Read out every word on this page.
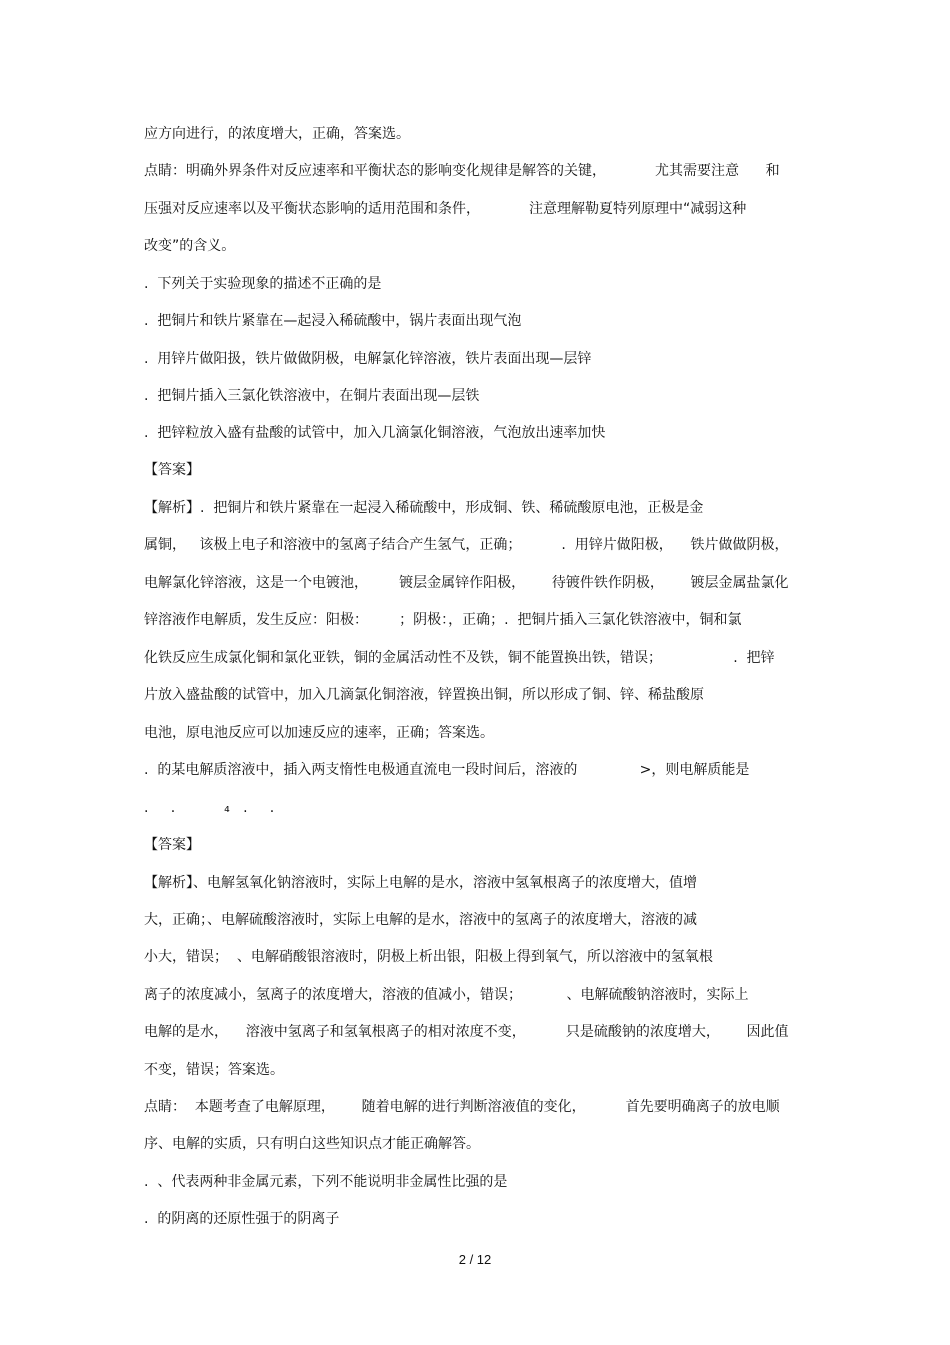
应方向进行，的浓度增大，正确，答案选。

点睛：明确外界条件对反应速率和平衡状态的影响变化规律是解答的关键，           尤其需要注意      和

压强对反应速率以及平衡状态影响的适用范围和条件，           注意理解勒夏特列原理中“减弱这种

改变”的含义。

.  下列关于实验现象的描述不正确的是

.  把铜片和铁片紧靠在—起浸入稀硫酸中，锅片表面出现气泡

.  用锌片做阳扱，铁片做做阴极，电解氯化锌溶液，铁片表面出现—层锌

.  把铜片插入三氯化铁溶液中，在铜片表面出现—层铁

.  把锌粒放入盛有盐酸的试管中，加入几滴氯化铜溶液，气泡放出速率加快

【答案】

【解析】.  把铜片和铁片紧靠在一起浸入稀硫酸中，形成铜、铁、稀硫酸原电池，正极是金

属铜，   该极上电子和溶液中的氢离子结合产生氢气，正确；         .  用锌片做阳极，    铁片做做阴极，

电解氯化锌溶液，这是一个电镀池，       镀层金属锌作阳极，      待镀件铁作阴极，      镀层金属盐氯化

锌溶液作电解质，发生反应：阳极：       ；阴极：，正确；.  把铜片插入三氯化铁溶液中，铜和氯

化铁反应生成氯化铜和氯化亚铁，铜的金属活动性不及铁，铜不能置换出铁，错误；                .  把锌

片放入盛盐酸的试管中，加入几滴氯化铜溶液，锌置换出铜，所以形成了铜、锌、稀盐酸原

电池，原电池反应可以加速反应的速率，正确；答案选。

.  的某电解质溶液中，插入两支惰性电极通直流电一段时间后，溶液的              >，则电解质能是

.     .           ₄   .     .

【答案】

【解析】、电解氢氧化钠溶液时，实际上电解的是水，溶液中氢氧根离子的浓度增大，值增

大，正确；、电解硫酸溶液时，实际上电解的是水，溶液中的氢离子的浓度增大，溶液的减

小大，错误；  、电解硝酸银溶液时，阴极上析出银，阳极上得到氧气，所以溶液中的氢氧根

离子的浓度减小，氢离子的浓度增大，溶液的值减小，错误；          、电解硫酸钠溶液时，实际上

电解的是水，    溶液中氢离子和氢氧根离子的相对浓度不变，         只是硫酸钠的浓度增大，      因此值

不变，错误；答案选。

点睛：  本题考查了电解原理，      随着电解的进行判断溶液值的变化，         首先要明确离子的放电顺

序、电解的实质，只有明白这些知识点才能正确解答。

.  、代表两种非金属元素，下列不能说明非金属性比强的是

.  的阴离的还原性强于的阴离子

2 / 12
